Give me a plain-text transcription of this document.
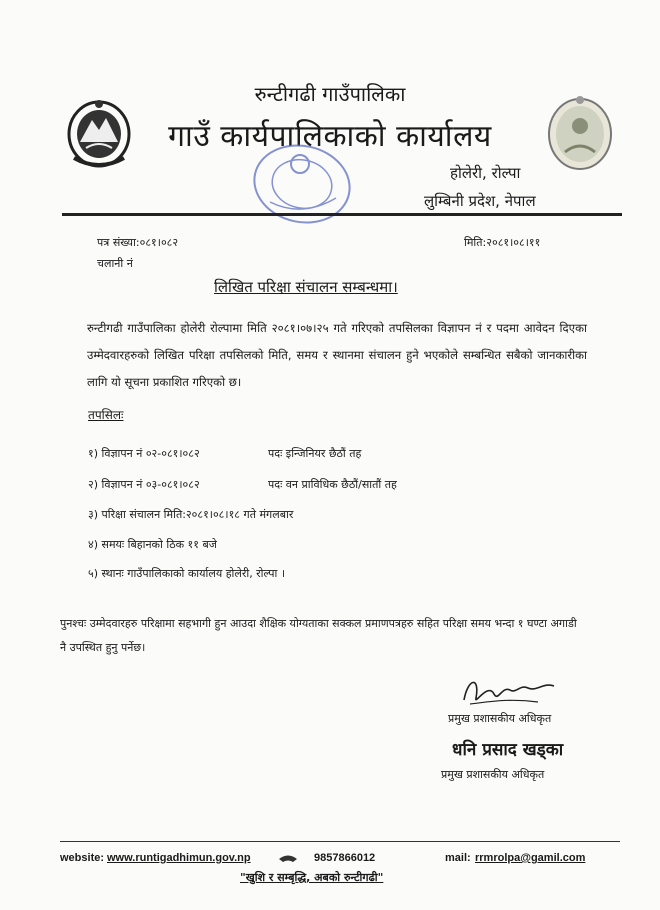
रुन्टीगढी गाउँपालिका
गाउँ कार्यपालिकाको कार्यालय
होलेरी, रोल्पा
लुम्बिनी प्रदेश, नेपाल
पत्र संख्या:०८१।०८२
चलानी नं
मिति:२०८१।०८।११
लिखित परिक्षा संचालन सम्बन्धमा।
रुन्टीगढी गाउँपालिका होलेरी रोल्पामा मिति २०८१।०७।२५ गते गरिएको तपसिलका विज्ञापन नं र पदमा आवेदन दिएका उम्मेदवारहरुको लिखित परिक्षा तपसिलको मिति, समय र स्थानमा संचालन हुने भएकोले सम्बन्धित सबैको जानकारीका लागि यो सूचना प्रकाशित गरिएको छ।
तपसिलः
१) विज्ञापन नं ०२-०८१।०८२	पदः इन्जिनियर छैठौं तह
२) विज्ञापन नं ०३-०८१।०८२	पदः वन प्राविधिक छैठौं/सातौं तह
३) परिक्षा संचालन मिति:२०८१।०८।१८ गते मंगलबार
४) समयः बिहानको ठिक ११ बजे
५) स्थानः गाउँपालिकाको कार्यालय होलेरी, रोल्पा ।
पुनश्चः उम्मेदवारहरु परिक्षामा सहभागी हुन आउदा शैक्षिक योग्यताका सक्कल प्रमाणपत्रहरु सहित परिक्षा समय भन्दा १ घण्टा अगाडी नै उपस्थित हुनु पर्नेछ।
प्रमुख प्रशासकीय अधिकृत
धनि प्रसाद खड्का
प्रमुख प्रशासकीय अधिकृत
website: www.runtigadhimun.gov.np	9857866012	mail: rrmrolpa@gamil.com
"खुशि र सम्बृद्धि, अबको रुन्टीगढी"
